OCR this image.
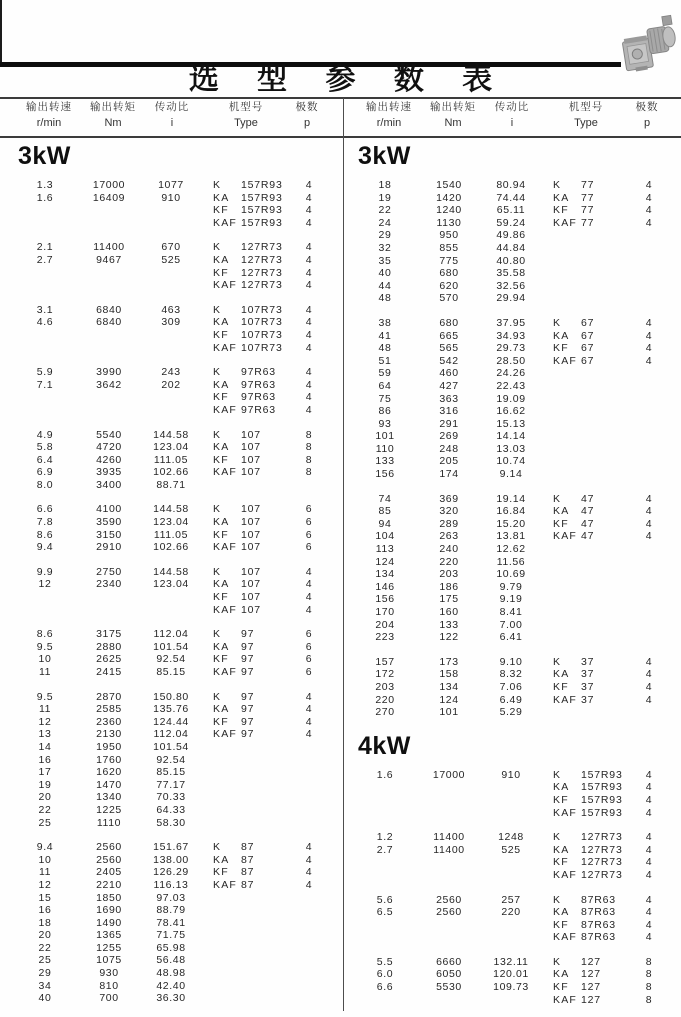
选 型 参 数 表
输出转速
r/min
输出转矩
Nm
传动比
i
机型号
Type
极数
p
输出转速
r/min
输出转矩
Nm
传动比
i
机型号
Type
极数
p
3kW
1.3	17000	1077	K	157R93	4
1.6	16409	910	KA	157R93	4
KF	157R93	4
KAF 157R93	4
2.1	11400	670	K	127R73	4
2.7	9467	525	KA	127R73	4
KF	127R73	4
KAF 127R73	4
3.1	6840	463	K	107R73	4
4.6	6840	309	KA	107R73	4
KF	107R73	4
KAF 107R73	4
5.9	3990	243	K	97R63	4
7.1	3642	202	KA	97R63	4
KF	97R63	4
KAF 97R63	4
4.9	5540	144.58	K	107	8
5.8	4720	123.04	KA	107	8
6.4	4260	111.05	KF	107	8
6.9	3935	102.66	KAF 107	8
8.0	3400	88.71
6.6	4100	144.58	K	107	6
7.8	3590	123.04	KA	107	6
8.6	3150	111.05	KF	107	6
9.4	2910	102.66	KAF 107	6
9.9	2750	144.58	K	107	4
12	2340	123.04	KA	107	4
KF	107	4
KAF 107	4
8.6	3175	112.04	K	97	6
9.5	2880	101.54	KA	97	6
10	2625	92.54	KF	97	6
11	2415	85.15	KAF 97	6
9.5	2870	150.80	K	97	4
11	2585	135.76	KA	97	4
12	2360	124.44	KF	97	4
13	2130	112.04	KAF 97	4
14	1950	101.54
16	1760	92.54
17	1620	85.15
19	1470	77.17
20	1340	70.33
22	1225	64.33
25	1110	58.30
9.4	2560	151.67	K	87	4
10	2560	138.00	KA	87	4
11	2405	126.29	KF	87	4
12	2210	116.13	KAF 87	4
15	1850	97.03
16	1690	88.79
18	1490	78.41
20	1365	71.75
22	1255	65.98
25	1075	56.48
29	930	48.98
34	810	42.40
40	700	36.30
3kW
18	1540	80.94	K	77	4
19	1420	74.44	KA	77	4
22	1240	65.11	KF	77	4
24	1130	59.24	KAF 77	4
29	950	49.86
32	855	44.84
35	775	40.80
40	680	35.58
44	620	32.56
48	570	29.94
38	680	37.95	K	67	4
41	665	34.93	KA	67	4
48	565	29.73	KF	67	4
51	542	28.50	KAF 67	4
59	460	24.26
64	427	22.43
75	363	19.09
86	316	16.62
93	291	15.13
101	269	14.14
110	248	13.03
133	205	10.74
156	174	9.14
74	369	19.14	K	47	4
85	320	16.84	KA	47	4
94	289	15.20	KF	47	4
104	263	13.81	KAF 47	4
113	240	12.62
124	220	11.56
134	203	10.69
146	186	9.79
156	175	9.19
170	160	8.41
204	133	7.00
223	122	6.41
157	173	9.10	K	37	4
172	158	8.32	KA	37	4
203	134	7.06	KF	37	4
220	124	6.49	KAF 37	4
270	101	5.29
4kW
1.6	17000	910	K	157R93	4
KA	157R93	4
KF	157R93	4
KAF 157R93	4
1.2	11400	1248	K	127R73	4
2.7	11400	525	KA	127R73	4
KF	127R73	4
KAF 127R73	4
5.6	2560	257	K	87R63	4
6.5	2560	220	KA	87R63	4
KF	87R63	4
KAF 87R63	4
5.5	6660	132.11	K	127	8
6.0	6050	120.01	KA	127	8
6.6	5530	109.73	KF	127	8
KAF 127	8
